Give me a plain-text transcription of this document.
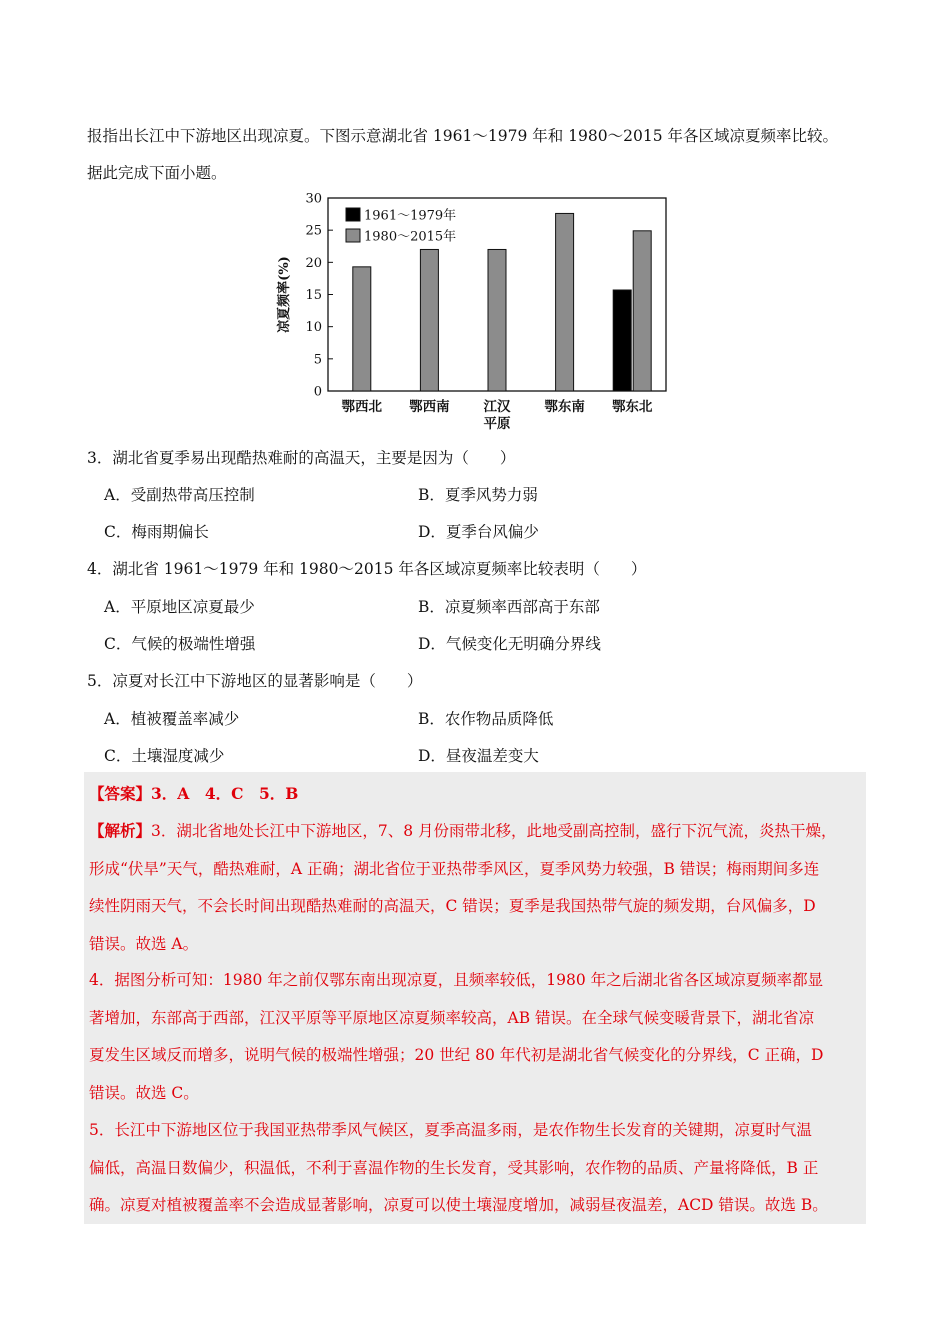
报指出长江中下游地区出现凉夏。下图示意湖北省 1961～1979 年和 1980～2015 年各区域凉夏频率比较。

据此完成下面小题。

0
5
10
15
20
25
30
凉夏频率(%)
鄂西北 鄂西南	江汉
平原
鄂东南 鄂东北
1961～1979年
1980～2015年
3．湖北省夏季易出现酷热难耐的高温天，主要是因为（　　）
A．受副热带高压控制	B．夏季风势力弱
C．梅雨期偏长	D．夏季台风偏少
4．湖北省 1961～1979 年和 1980～2015 年各区域凉夏频率比较表明（　　）
A．平原地区凉夏最少	B．凉夏频率西部高于东部
C．气候的极端性增强	D．气候变化无明确分界线
5．凉夏对长江中下游地区的显著影响是（　　）
A．植被覆盖率减少	B．农作物品质降低
C．土壤湿度减少	D．昼夜温差变大
【答案】3．A　4．C　5．B

【解析】3．湖北省地处长江中下游地区，7、8 月份雨带北移，此地受副高控制，盛行下沉气流，炎热干燥，

形成“伏旱”天气，酷热难耐，A 正确；湖北省位于亚热带季风区，夏季风势力较强，B 错误；梅雨期间多连

续性阴雨天气，不会长时间出现酷热难耐的高温天，C 错误；夏季是我国热带气旋的频发期，台风偏多，D

错误。故选 A。

4．据图分析可知：1980 年之前仅鄂东南出现凉夏，且频率较低，1980 年之后湖北省各区域凉夏频率都显

著增加，东部高于西部，江汉平原等平原地区凉夏频率较高，AB 错误。在全球气候变暖背景下，湖北省凉

夏发生区域反而增多，说明气候的极端性增强；20 世纪 80 年代初是湖北省气候变化的分界线，C 正确，D

错误。故选 C。

5．长江中下游地区位于我国亚热带季风气候区，夏季高温多雨，是农作物生长发育的关键期，凉夏时气温

偏低，高温日数偏少，积温低，不利于喜温作物的生长发育，受其影响，农作物的品质、产量将降低，B 正

确。凉夏对植被覆盖率不会造成显著影响，凉夏可以使土壤湿度增加，减弱昼夜温差，ACD 错误。故选 B。
